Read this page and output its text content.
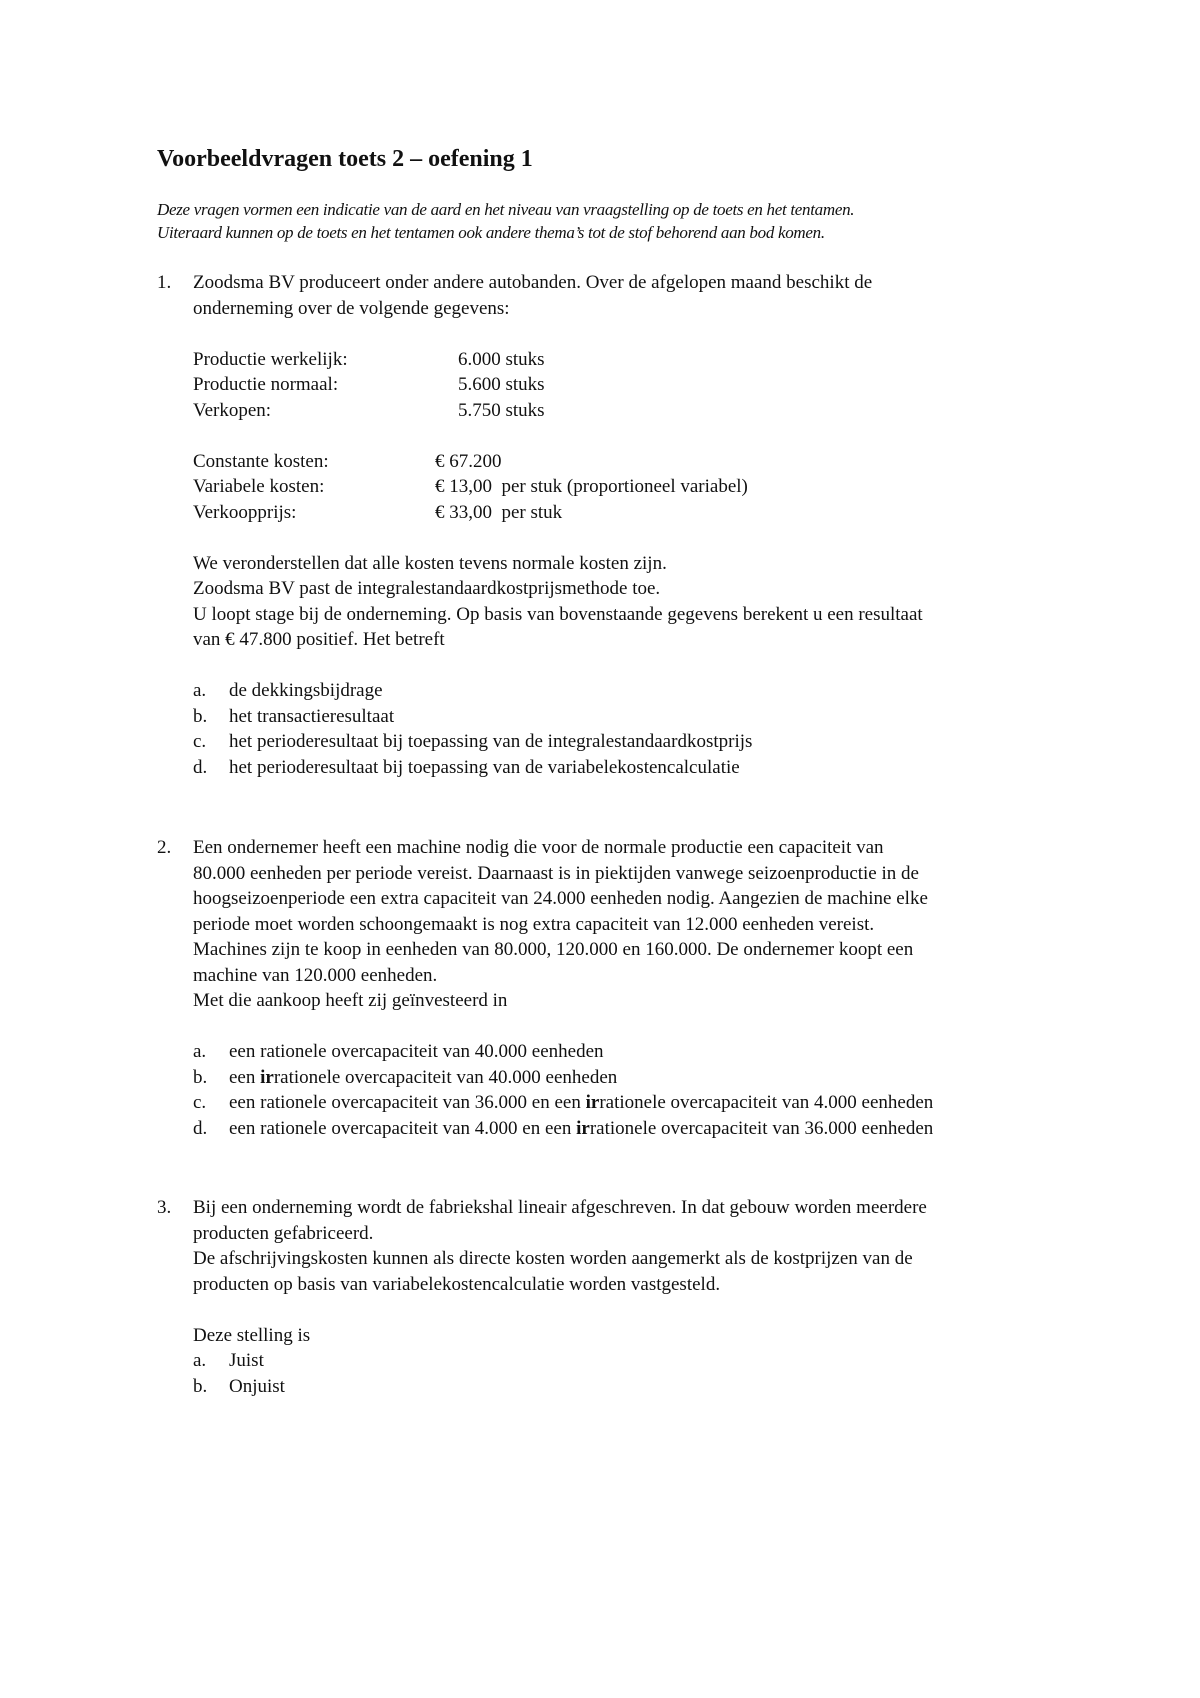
Voorbeeldvragen toets 2 – oefening 1
Deze vragen vormen een indicatie van de aard en het niveau van vraagstelling op de toets en het tentamen.
Uiteraard kunnen op de toets en het tentamen ook andere thema’s tot de stof behorend aan bod komen.
1. Zoodsma BV produceert onder andere autobanden. Over de afgelopen maand beschikt de
onderneming over de volgende gegevens:
Productie werkelijk:	6.000 stuks
Productie normaal:	5.600 stuks
Verkopen:	5.750 stuks
Constante kosten:	€ 67.200
Variabele kosten:	€ 13,00  per stuk (proportioneel variabel)
Verkoopprijs:	€ 33,00  per stuk
We veronderstellen dat alle kosten tevens normale kosten zijn.
Zoodsma BV past de integralestandaardkostprijsmethode toe.
U loopt stage bij de onderneming. Op basis van bovenstaande gegevens berekent u een resultaat
van € 47.800 positief. Het betreft
a. de dekkingsbijdrage
b. het transactieresultaat
c. het perioderesultaat bij toepassing van de integralestandaardkostprijs
d. het perioderesultaat bij toepassing van de variabelekostencalculatie
2. Een ondernemer heeft een machine nodig die voor de normale productie een capaciteit van
80.000 eenheden per periode vereist. Daarnaast is in piektijden vanwege seizoenproductie in de
hoogseizoenperiode een extra capaciteit van 24.000 eenheden nodig. Aangezien de machine elke
periode moet worden schoongemaakt is nog extra capaciteit van 12.000 eenheden vereist.
Machines zijn te koop in eenheden van 80.000, 120.000 en 160.000. De ondernemer koopt een
machine van 120.000 eenheden.
Met die aankoop heeft zij geïnvesteerd in
a. een rationele overcapaciteit van 40.000 eenheden
b. een irrationele overcapaciteit van 40.000 eenheden
c. een rationele overcapaciteit van 36.000 en een irrationele overcapaciteit van 4.000 eenheden
d. een rationele overcapaciteit van 4.000 en een irrationele overcapaciteit van 36.000 eenheden
3. Bij een onderneming wordt de fabriekshal lineair afgeschreven. In dat gebouw worden meerdere
producten gefabriceerd.
De afschrijvingskosten kunnen als directe kosten worden aangemerkt als de kostprijzen van de
producten op basis van variabelekostencalculatie worden vastgesteld.
Deze stelling is
a. Juist
b. Onjuist
